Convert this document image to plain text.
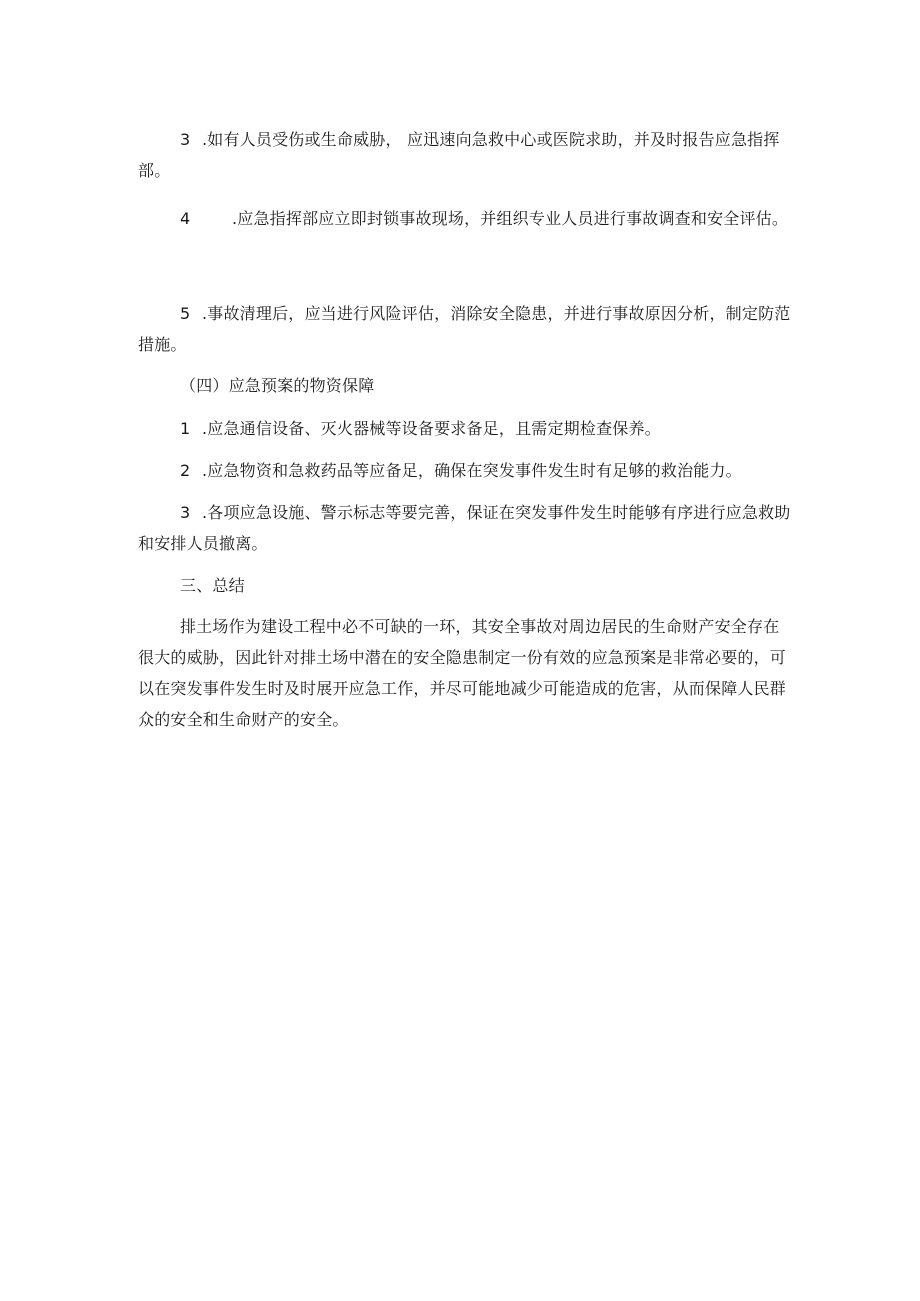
3 .如有人员受伤或生命威胁， 应迅速向急救中心或医院求助，并及时报告应急指挥部。

4	.应急指挥部应立即封锁事故现场，并组织专业人员进行事故调查和安全评估。

5 .事故清理后，应当进行风险评估，消除安全隐患，并进行事故原因分析，制定防范措施。

（四）应急预案的物资保障

1 .应急通信设备、灭火器械等设备要求备足，且需定期检查保养。

2 .应急物资和急救药品等应备足，确保在突发事件发生时有足够的救治能力。

3 .各项应急设施、警示标志等要完善，保证在突发事件发生时能够有序进行应急救助和安排人员撤离。

三、总结

排土场作为建设工程中必不可缺的一环，其安全事故对周边居民的生命财产安全存在很大的威胁，因此针对排土场中潜在的安全隐患制定一份有效的应急预案是非常必要的，可以在突发事件发生时及时展开应急工作，并尽可能地减少可能造成的危害，从而保障人民群众的安全和生命财产的安全。
